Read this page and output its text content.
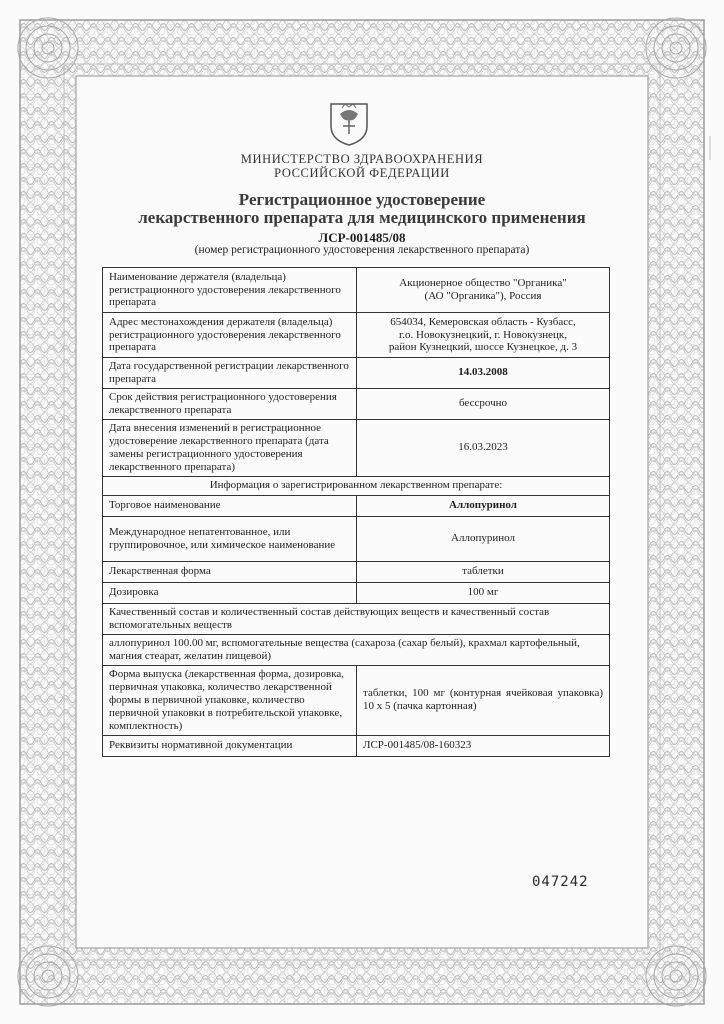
МИНИСТЕРСТВО ЗДРАВООХРАНЕНИЯ
РОССИЙСКОЙ ФЕДЕРАЦИИ
Регистрационное удостоверение
лекарственного препарата для медицинского применения
ЛСР-001485/08
(номер регистрационного удостоверения лекарственного препарата)
Наименование держателя (владельца) регистрационного удостоверения лекарственного препарата	Акционерное общество "Органика"
(АО "Органика"), Россия

Адрес местонахождения держателя (владельца) регистрационного удостоверения лекарственного препарата	654034, Кемеровская область - Кузбасс,
г.о. Новокузнецкий, г. Новокузнецк,
район Кузнецкий, шоссе Кузнецкое, д. 3

Дата государственной регистрации лекарственного препарата	14.03.2008
Срок действия регистрационного удостоверения лекарственного препарата	бессрочно
Дата внесения изменений в регистрационное удостоверение лекарственного препарата (дата замены регистрационного удостоверения лекарственного препарата)	16.03.2023
Информация о зарегистрированном лекарственном препарате:	
Торговое наименование	Аллопуринол
Международное непатентованное, или группировочное, или химическое наименование	Аллопуринол
Лекарственная форма	таблетки
Дозировка	100 мг
Качественный состав и количественный состав действующих веществ и качественный состав вспомогательных веществ	
аллопуринол 100.00 мг, вспомогательные вещества (сахароза (сахар белый), крахмал картофельный, магния стеарат, желатин пищевой)	
Форма выпуска (лекарственная форма, дозировка, первичная упаковка, количество лекарственной формы в первичной упаковке, количество первичной упаковки в потребительской упаковке, комплектность)	таблетки, 100 мг (контурная ячейковая упаковка) 10 х 5 (пачка картонная)
Реквизиты нормативной документации	ЛСР-001485/08-160323
047242
